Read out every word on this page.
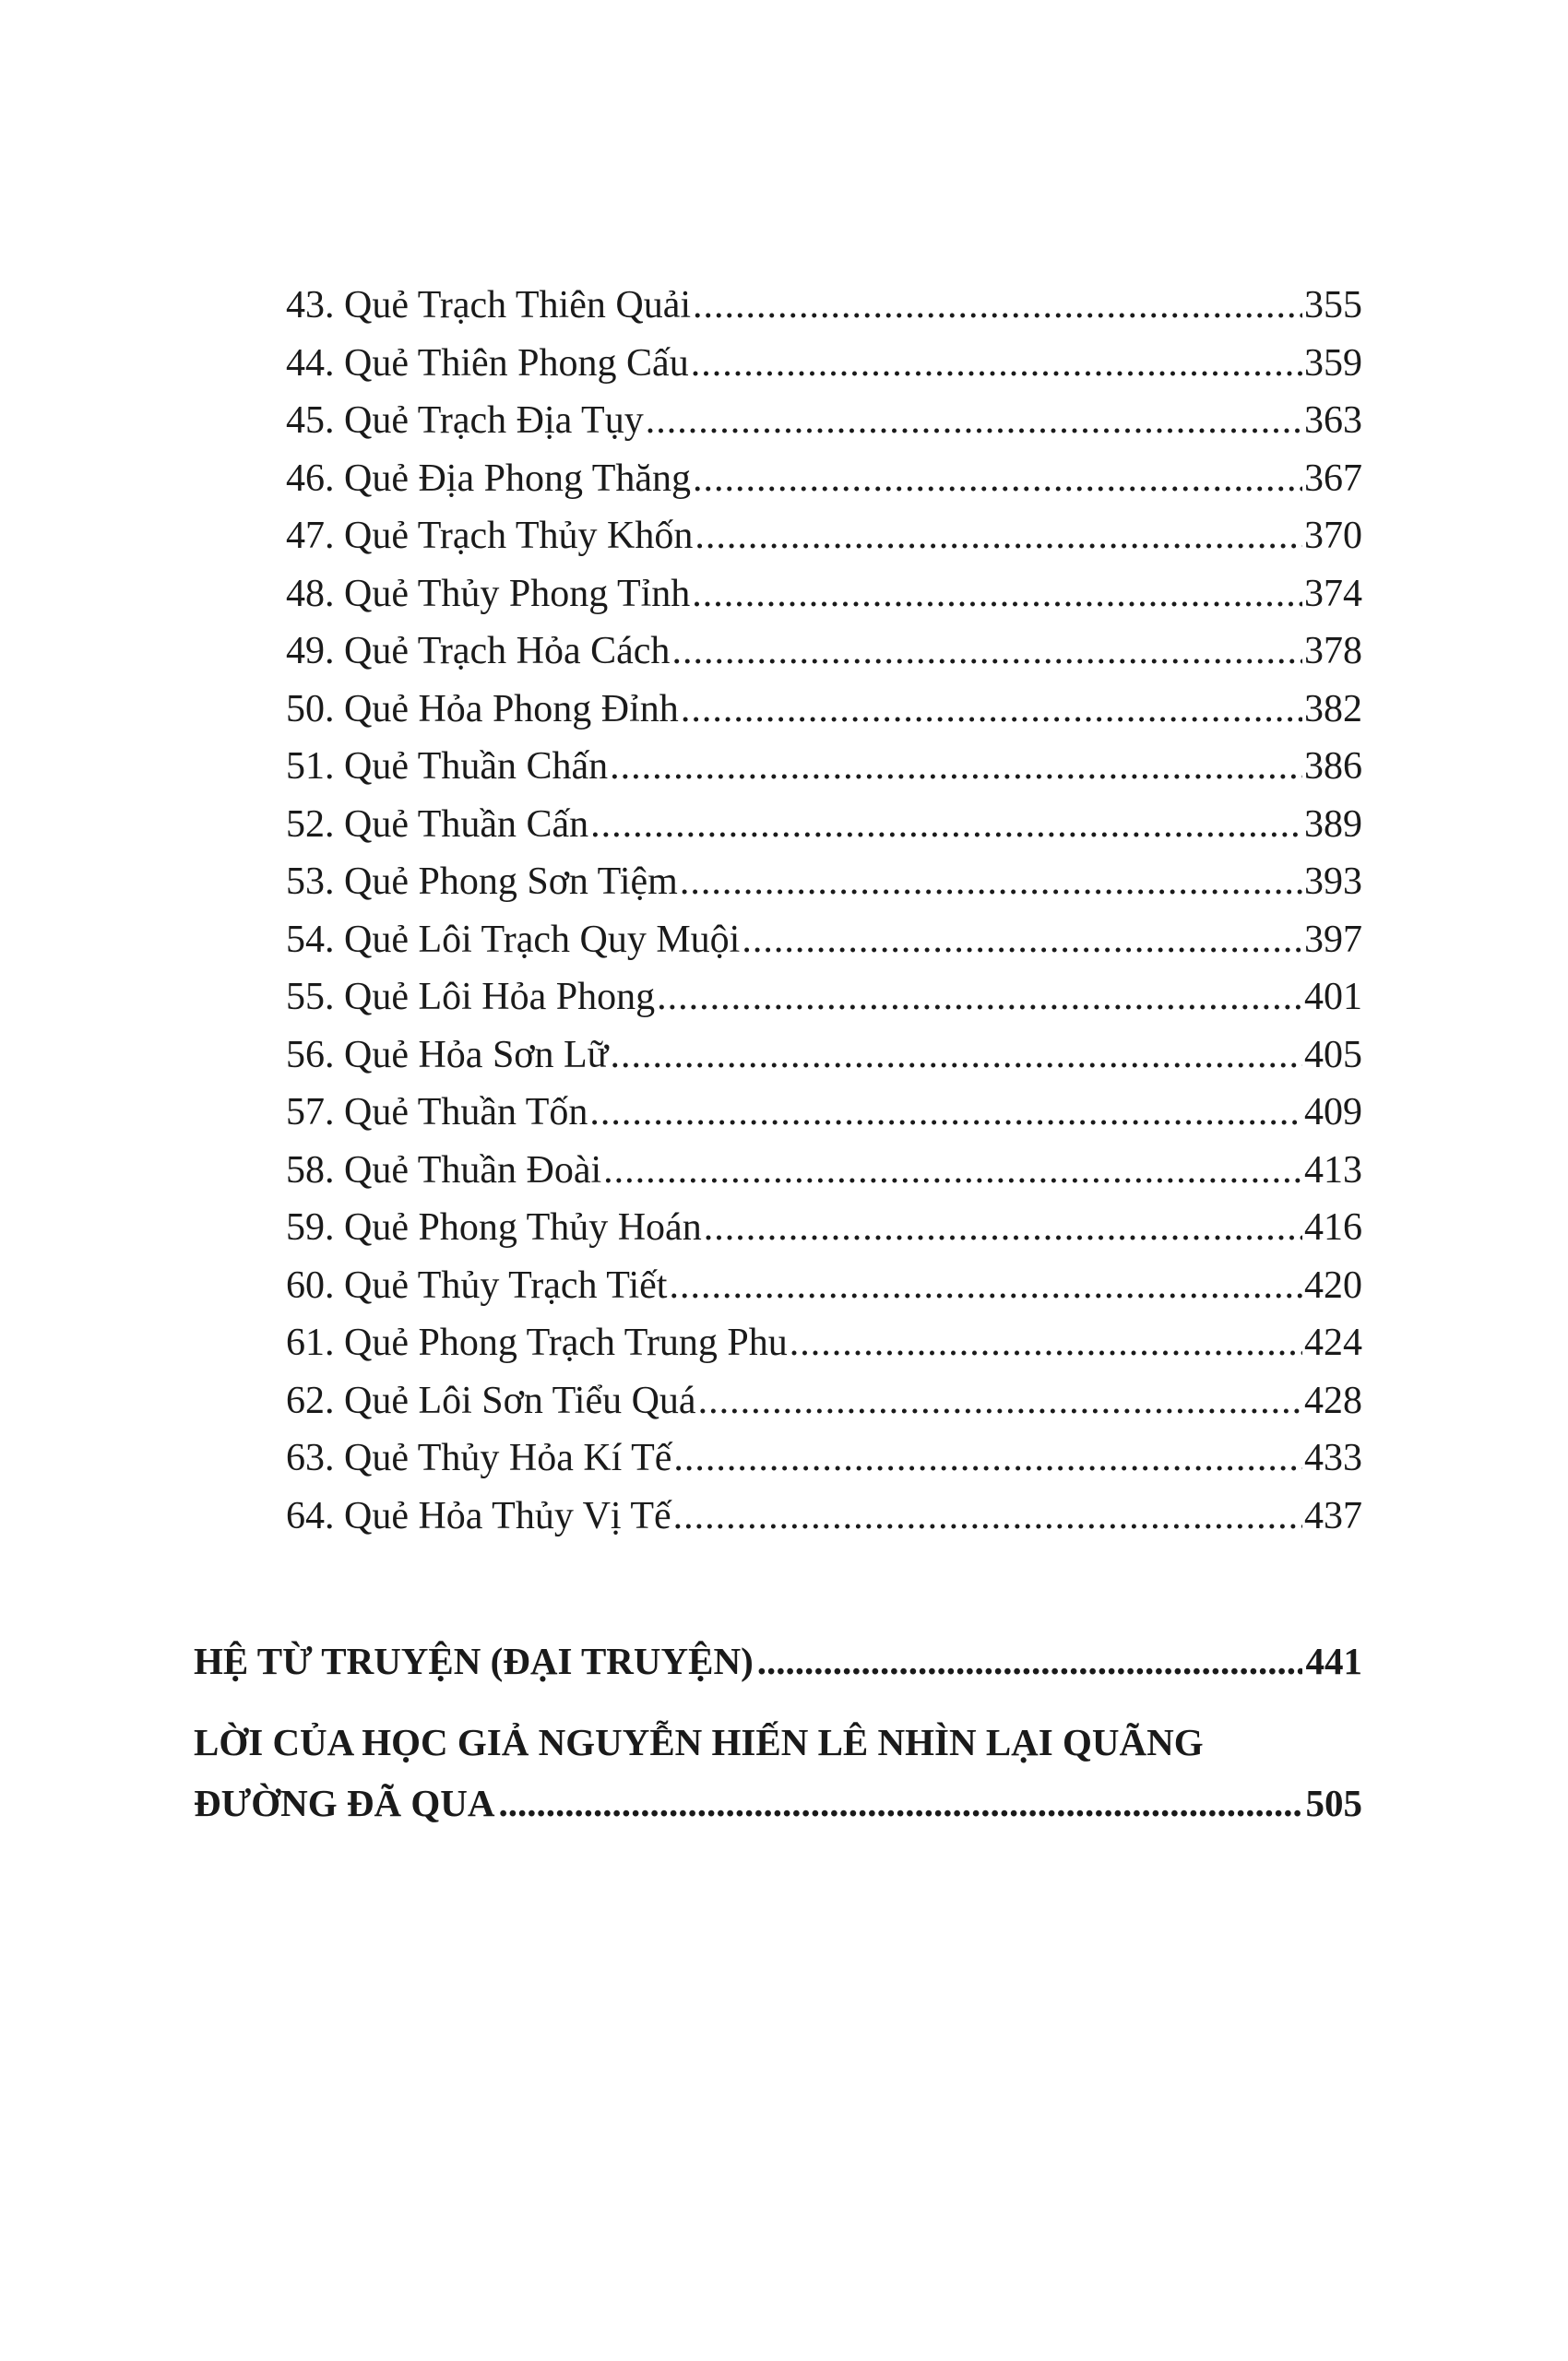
43. Quẻ Trạch Thiên Quải .....	355
44. Quẻ Thiên Phong Cấu .....	359
45. Quẻ Trạch Địa Tụy .....	363
46. Quẻ Địa Phong Thăng .....	367
47. Quẻ Trạch Thủy Khốn .....	370
48. Quẻ Thủy Phong Tỉnh .....	374
49. Quẻ Trạch Hỏa Cách .....	378
50. Quẻ Hỏa Phong Đỉnh .....	382
51. Quẻ Thuần Chấn .....	386
52. Quẻ Thuần Cấn .....	389
53. Quẻ Phong Sơn Tiệm .....	393
54. Quẻ Lôi Trạch Quy Muội .....	397
55. Quẻ Lôi Hỏa Phong .....	401
56. Quẻ Hỏa Sơn Lữ .....	405
57. Quẻ Thuần Tốn .....	409
58. Quẻ Thuần Đoài .....	413
59. Quẻ Phong Thủy Hoán .....	416
60. Quẻ Thủy Trạch Tiết .....	420
61. Quẻ Phong Trạch Trung Phu .....	424
62. Quẻ Lôi Sơn Tiểu Quá .....	428
63. Quẻ Thủy Hỏa Kí Tế .....	433
64. Quẻ Hỏa Thủy Vị Tế .....	437
HỆ TỪ TRUYỆN (ĐẠI TRUYỆN) .....	441
LỜI CỦA HỌC GIẢ NGUYỄN HIẾN LÊ NHÌN LẠI QUÃNG
ĐƯỜNG ĐÃ QUA .....	505
